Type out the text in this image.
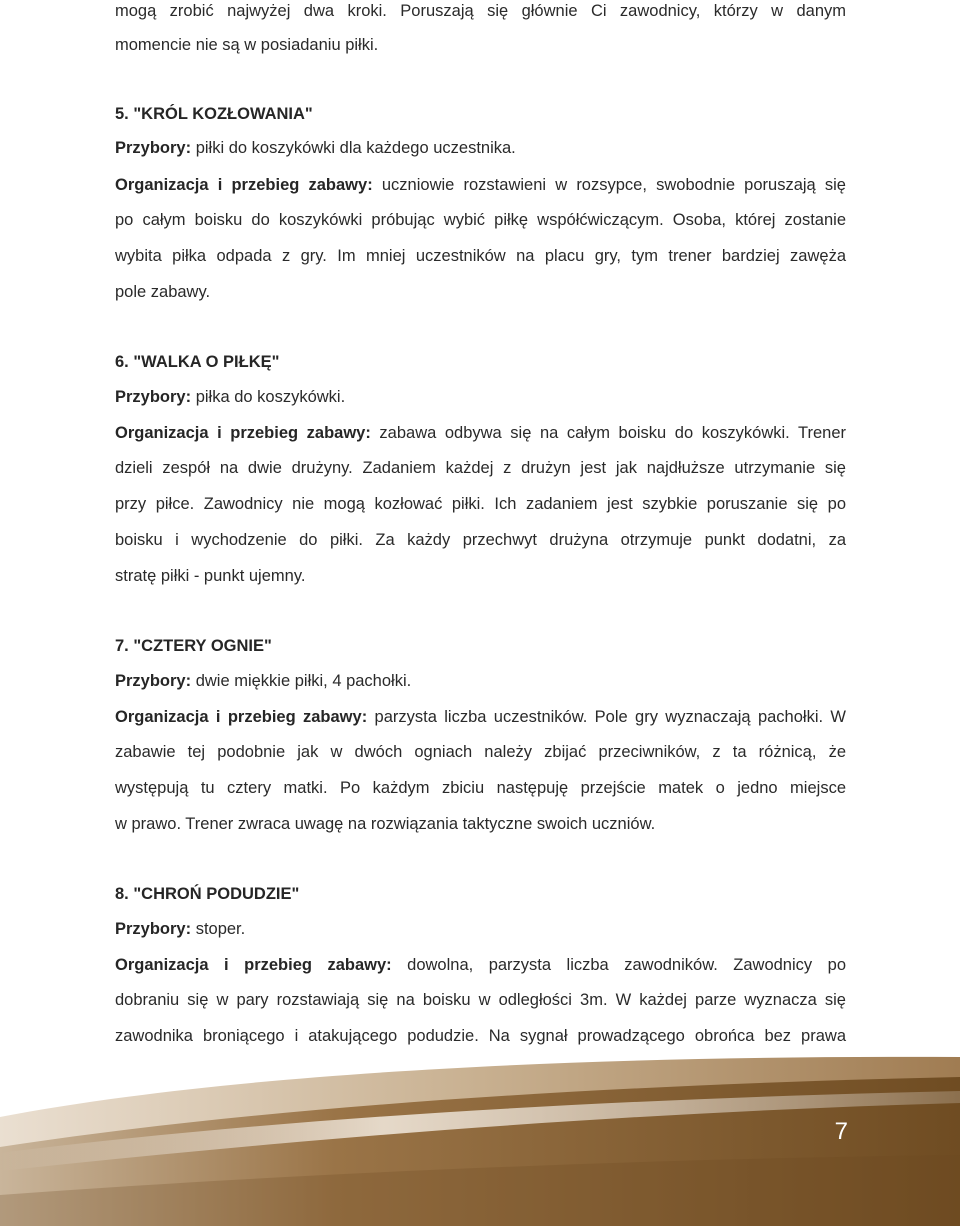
mogą zrobić najwyżej dwa kroki. Poruszają się głównie Ci zawodnicy, którzy w danym
momencie nie są w posiadaniu piłki.
5. "KRÓL KOZŁOWANIA"
Przybory: piłki do koszykówki dla każdego uczestnika.
Organizacja i przebieg zabawy: uczniowie rozstawieni w rozsypce, swobodnie poruszają się
po całym boisku do koszykówki próbując wybić piłkę współćwiczącym. Osoba, której zostanie
wybita piłka odpada z gry. Im mniej uczestników na placu gry, tym trener bardziej zawęża
pole zabawy.
6. "WALKA O PIŁKĘ"
Przybory: piłka do koszykówki.
Organizacja i przebieg zabawy: zabawa odbywa się na całym boisku do koszykówki. Trener
dzieli zespół na dwie drużyny. Zadaniem każdej z drużyn jest jak najdłuższe utrzymanie się
przy piłce. Zawodnicy nie mogą kozłować piłki. Ich zadaniem jest szybkie poruszanie się po
boisku i wychodzenie do piłki. Za każdy przechwyt drużyna otrzymuje punkt dodatni, za
stratę piłki - punkt ujemny.
7. "CZTERY OGNIE"
Przybory: dwie miękkie piłki, 4 pachołki.
Organizacja i przebieg zabawy: parzysta liczba uczestników. Pole gry wyznaczają pachołki. W
zabawie tej podobnie jak w dwóch ogniach należy zbijać przeciwników, z ta różnicą, że
występują tu cztery matki. Po każdym zbiciu następuję przejście matek o jedno miejsce
w prawo. Trener zwraca uwagę na rozwiązania taktyczne swoich uczniów.
8. "CHROŃ PODUDZIE"
Przybory: stoper.
Organizacja i przebieg zabawy: dowolna, parzysta liczba zawodników. Zawodnicy po
dobraniu się w pary rozstawiają się na boisku w odległości 3m. W każdej parze wyznacza się
zawodnika broniącego i atakującego podudzie. Na sygnał prowadzącego obrońca bez prawa
7
